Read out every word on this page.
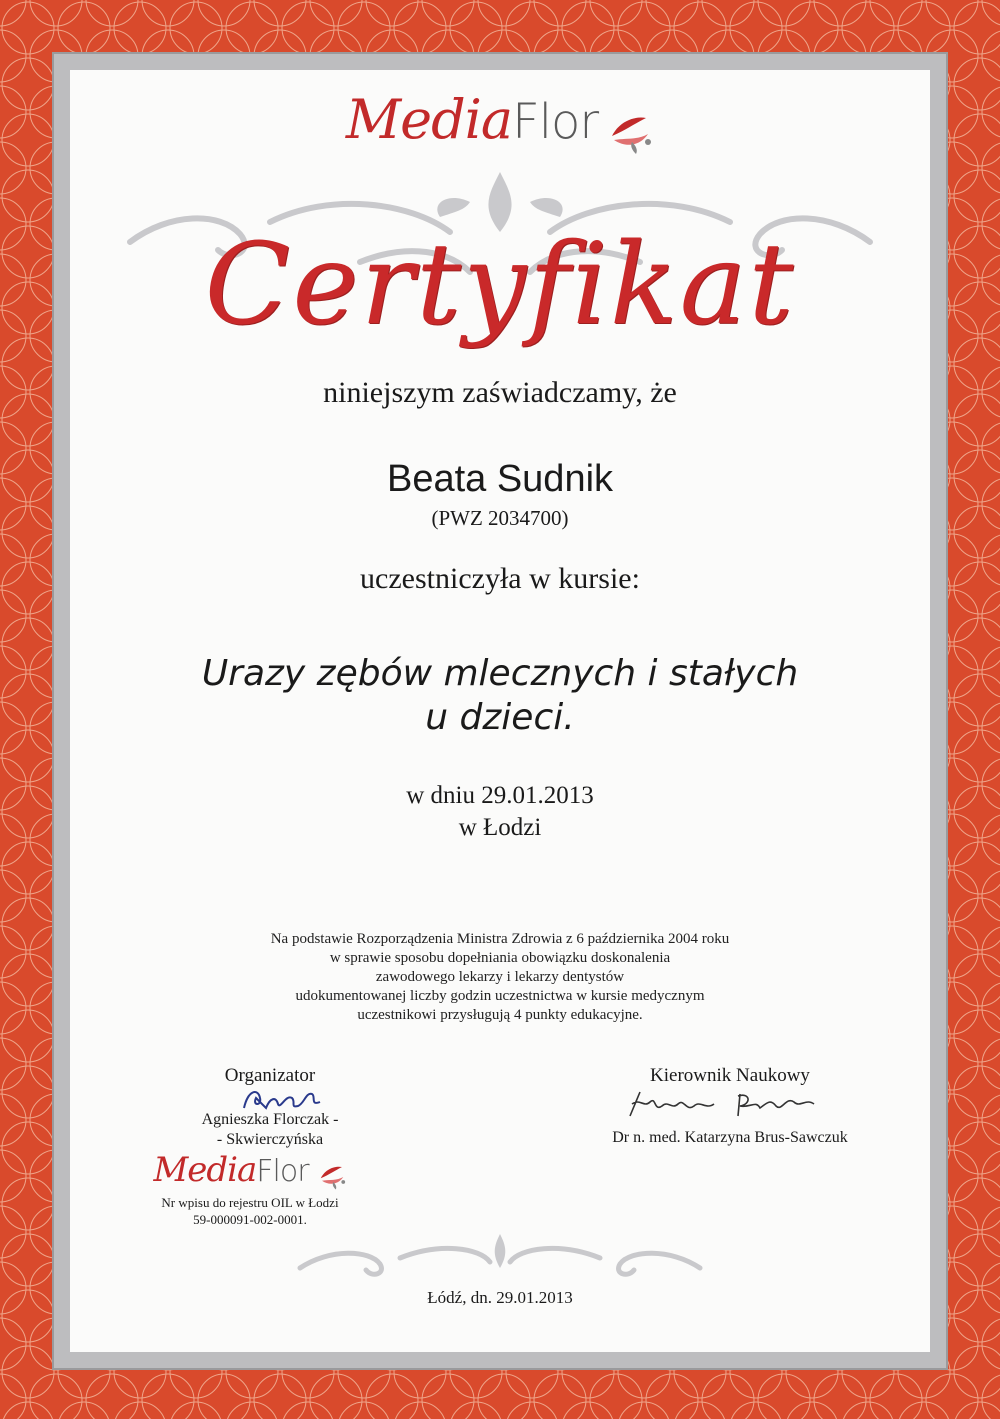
MediaFlor
Certyfikat
niniejszym zaświadczamy, że
Beata Sudnik
(PWZ 2034700)
uczestniczyła w kursie:
Urazy zębów mlecznych i stałych
u dzieci.
w dniu 29.01.2013
w Łodzi
Na podstawie Rozporządzenia Ministra Zdrowia z 6 października 2004 roku
w sprawie sposobu dopełniania obowiązku doskonalenia
zawodowego lekarzy i lekarzy dentystów
udokumentowanej liczby godzin uczestnictwa w kursie medycznym
uczestnikowi przysługują 4 punkty edukacyjne.
Organizator
Agnieszka Florczak -
- Skwierczyńska
MediaFlor
Nr wpisu do rejestru OIL w Łodzi
59-000091-002-0001.
Kierownik Naukowy
Dr n. med. Katarzyna Brus-Sawczuk
Łódź, dn. 29.01.2013
